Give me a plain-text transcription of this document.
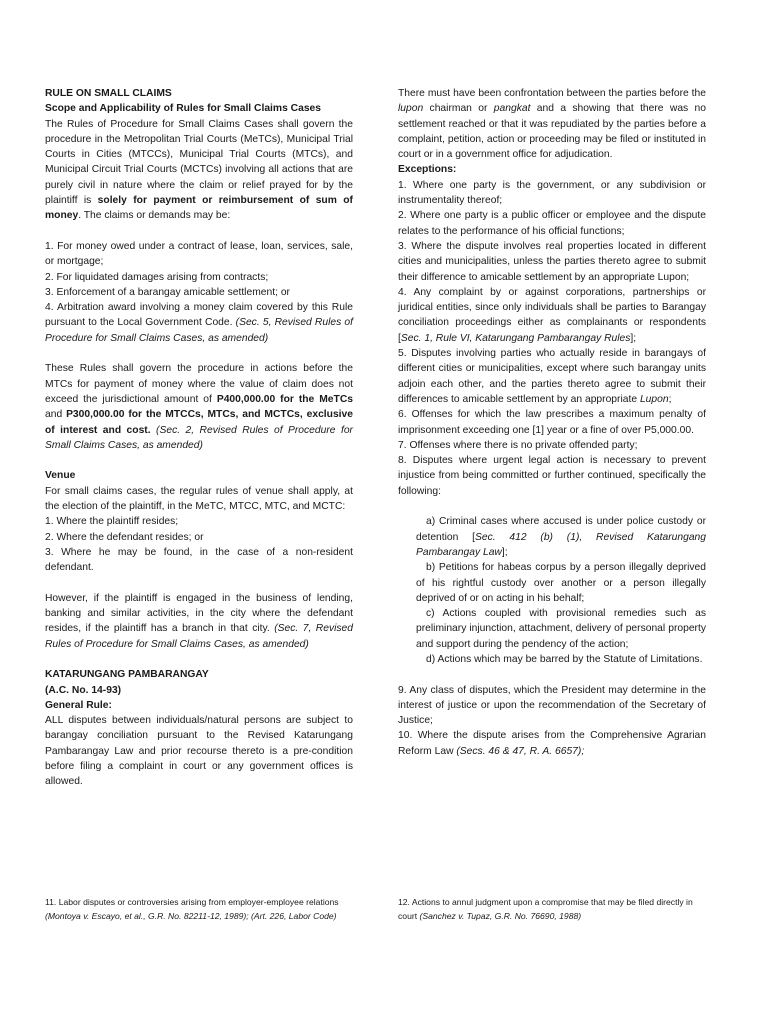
RULE ON SMALL CLAIMS

Scope and Applicability of Rules for Small Claims Cases

The Rules of Procedure for Small Claims Cases shall govern the procedure in the Metropolitan Trial Courts (MeTCs), Municipal Trial Courts in Cities (MTCCs), Municipal Trial Courts (MTCs), and Municipal Circuit Trial Courts (MCTCs) involving all actions that are purely civil in nature where the claim or relief prayed for by the plaintiff is solely for payment or reimbursement of sum of money. The claims or demands may be:

1. For money owed under a contract of lease, loan, services, sale, or mortgage;

2. For liquidated damages arising from contracts;

3. Enforcement of a barangay amicable settlement; or

4. Arbitration award involving a money claim covered by this Rule pursuant to the Local Government Code. (Sec. 5, Revised Rules of Procedure for Small Claims Cases, as amended)

These Rules shall govern the procedure in actions before the MTCs for payment of money where the value of claim does not exceed the jurisdictional amount of P400,000.00 for the MeTCs and P300,000.00 for the MTCCs, MTCs, and MCTCs, exclusive of interest and cost. (Sec. 2, Revised Rules of Procedure for Small Claims Cases, as amended)

Venue

For small claims cases, the regular rules of venue shall apply, at the election of the plaintiff, in the MeTC, MTCC, MTC, and MCTC:

1. Where the plaintiff resides;

2. Where the defendant resides; or

3. Where he may be found, in the case of a non-resident defendant.

However, if the plaintiff is engaged in the business of lending, banking and similar activities, in the city where the defendant resides, if the plaintiff has a branch in that city. (Sec. 7, Revised Rules of Procedure for Small Claims Cases, as amended)

KATARUNGANG PAMBARANGAY

(A.C. No. 14-93)

General Rule:

ALL disputes between individuals/natural persons are subject to barangay conciliation pursuant to the Revised Katarungang Pambarangay Law and prior recourse thereto is a pre-condition before filing a complaint in court or any government offices is allowed.

There must have been confrontation between the parties before the lupon chairman or pangkat and a showing that there was no settlement reached or that it was repudiated by the parties before a complaint, petition, action or proceeding may be filed or instituted in court or in a government office for adjudication.

Exceptions:

1. Where one party is the government, or any subdivision or instrumentality thereof;

2. Where one party is a public officer or employee and the dispute relates to the performance of his official functions;

3. Where the dispute involves real properties located in different cities and municipalities, unless the parties thereto agree to submit their difference to amicable settlement by an appropriate Lupon;

4. Any complaint by or against corporations, partnerships or juridical entities, since only individuals shall be parties to Barangay conciliation proceedings either as complainants or respondents [Sec. 1, Rule VI, Katarungang Pambarangay Rules];

5. Disputes involving parties who actually reside in barangays of different cities or municipalities, except where such barangay units adjoin each other, and the parties thereto agree to submit their differences to amicable settlement by an appropriate Lupon;

6. Offenses for which the law prescribes a maximum penalty of imprisonment exceeding one [1] year or a fine of over P5,000.00.

7. Offenses where there is no private offended party;

8. Disputes where urgent legal action is necessary to prevent injustice from being committed or further continued, specifically the following:

a) Criminal cases where accused is under police custody or detention [Sec. 412 (b) (1), Revised Katarungang Pambarangay Law];

b) Petitions for habeas corpus by a person illegally deprived of his rightful custody over another or a person illegally deprived of or on acting in his behalf;

c) Actions coupled with provisional remedies such as preliminary injunction, attachment, delivery of personal property and support during the pendency of the action;

d) Actions which may be barred by the Statute of Limitations.

9. Any class of disputes, which the President may determine in the interest of justice or upon the recommendation of the Secretary of Justice;

10. Where the dispute arises from the Comprehensive Agrarian Reform Law (Secs. 46 & 47, R. A. 6657);

11. Labor disputes or controversies arising from employer-employee relations (Montoya v. Escayo, et al., G.R. No. 82211-12, 1989); (Art. 226, Labor Code)
12. Actions to annul judgment upon a compromise that may be filed directly in court (Sanchez v. Tupaz, G.R. No. 76690, 1988)
